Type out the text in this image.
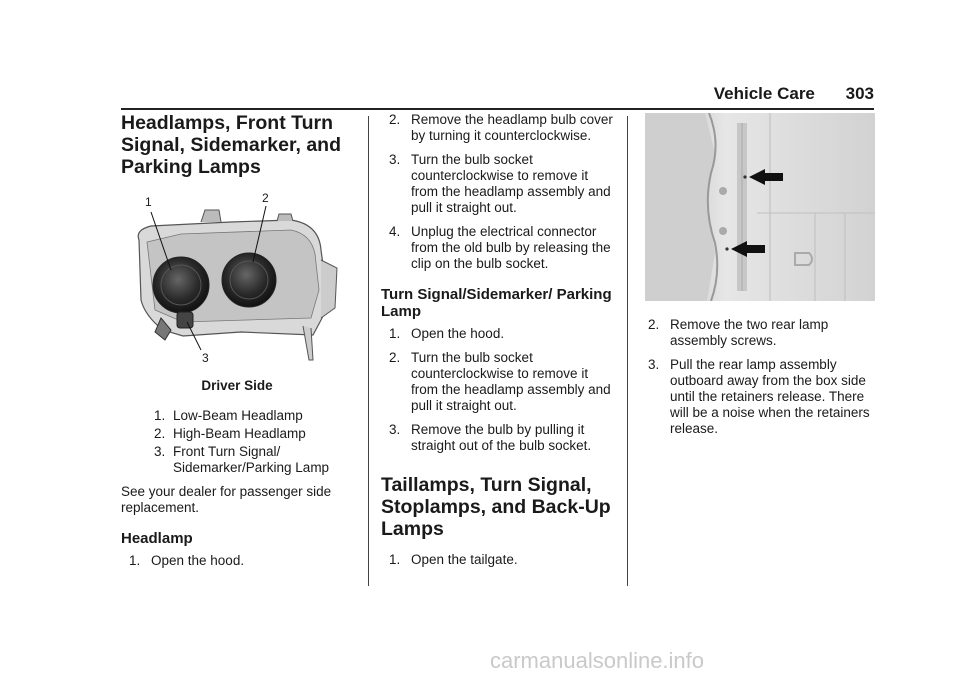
Vehicle Care 303
Headlamps, Front Turn Signal, Sidemarker, and Parking Lamps
1	2
3
Driver Side
1. Low-Beam Headlamp
2. High-Beam Headlamp
3. Front Turn Signal/ Sidemarker/Parking Lamp

See your dealer for passenger side replacement.

Headlamp
1. Open the hood.
2. Remove the headlamp bulb cover by turning it counterclockwise.
3. Turn the bulb socket counterclockwise to remove it from the headlamp assembly and pull it straight out.
4. Unplug the electrical connector from the old bulb by releasing the clip on the bulb socket.
Turn Signal/Sidemarker/ Parking Lamp
1. Open the hood.
2. Turn the bulb socket counterclockwise to remove it from the headlamp assembly and pull it straight out.
3. Remove the bulb by pulling it straight out of the bulb socket.
Taillamps, Turn Signal, Stoplamps, and Back-Up Lamps
1. Open the tailgate.
2. Remove the two rear lamp assembly screws.
3. Pull the rear lamp assembly outboard away from the box side until the retainers release. There will be a noise when the retainers release.
carmanualsonline.info
